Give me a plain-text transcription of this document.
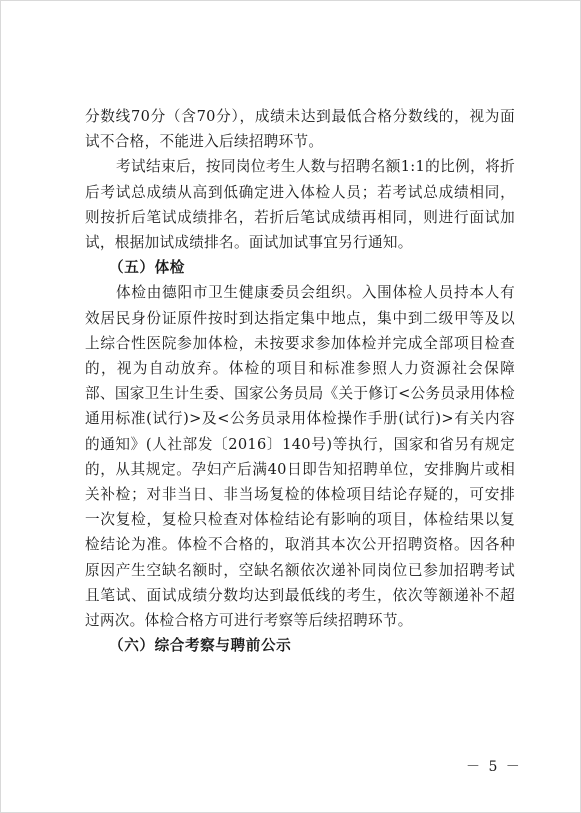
分数线70分（含70分），成绩未达到最低合格分数线的，视为面试不合格，不能进入后续招聘环节。

考试结束后，按同岗位考生人数与招聘名额1:1的比例，将折后考试总成绩从高到低确定进入体检人员；若考试总成绩相同，则按折后笔试成绩排名，若折后笔试成绩再相同，则进行面试加试，根据加试成绩排名。面试加试事宜另行通知。

（五）体检

体检由德阳市卫生健康委员会组织。入围体检人员持本人有效居民身份证原件按时到达指定集中地点，集中到二级甲等及以上综合性医院参加体检，未按要求参加体检并完成全部项目检查的，视为自动放弃。体检的项目和标准参照人力资源社会保障部、国家卫生计生委、国家公务员局《关于修订<公务员录用体检通用标准(试行)>及<公务员录用体检操作手册(试行)>有关内容的通知》(人社部发〔2016〕140号)等执行，国家和省另有规定的，从其规定。孕妇产后满40日即告知招聘单位，安排胸片或相关补检；对非当日、非当场复检的体检项目结论存疑的，可安排一次复检，复检只检查对体检结论有影响的项目，体检结果以复检结论为准。体检不合格的，取消其本次公开招聘资格。因各种原因产生空缺名额时，空缺名额依次递补同岗位已参加招聘考试且笔试、面试成绩分数均达到最低线的考生，依次等额递补不超过两次。体检合格方可进行考察等后续招聘环节。

（六）综合考察与聘前公示

－ 5 －
